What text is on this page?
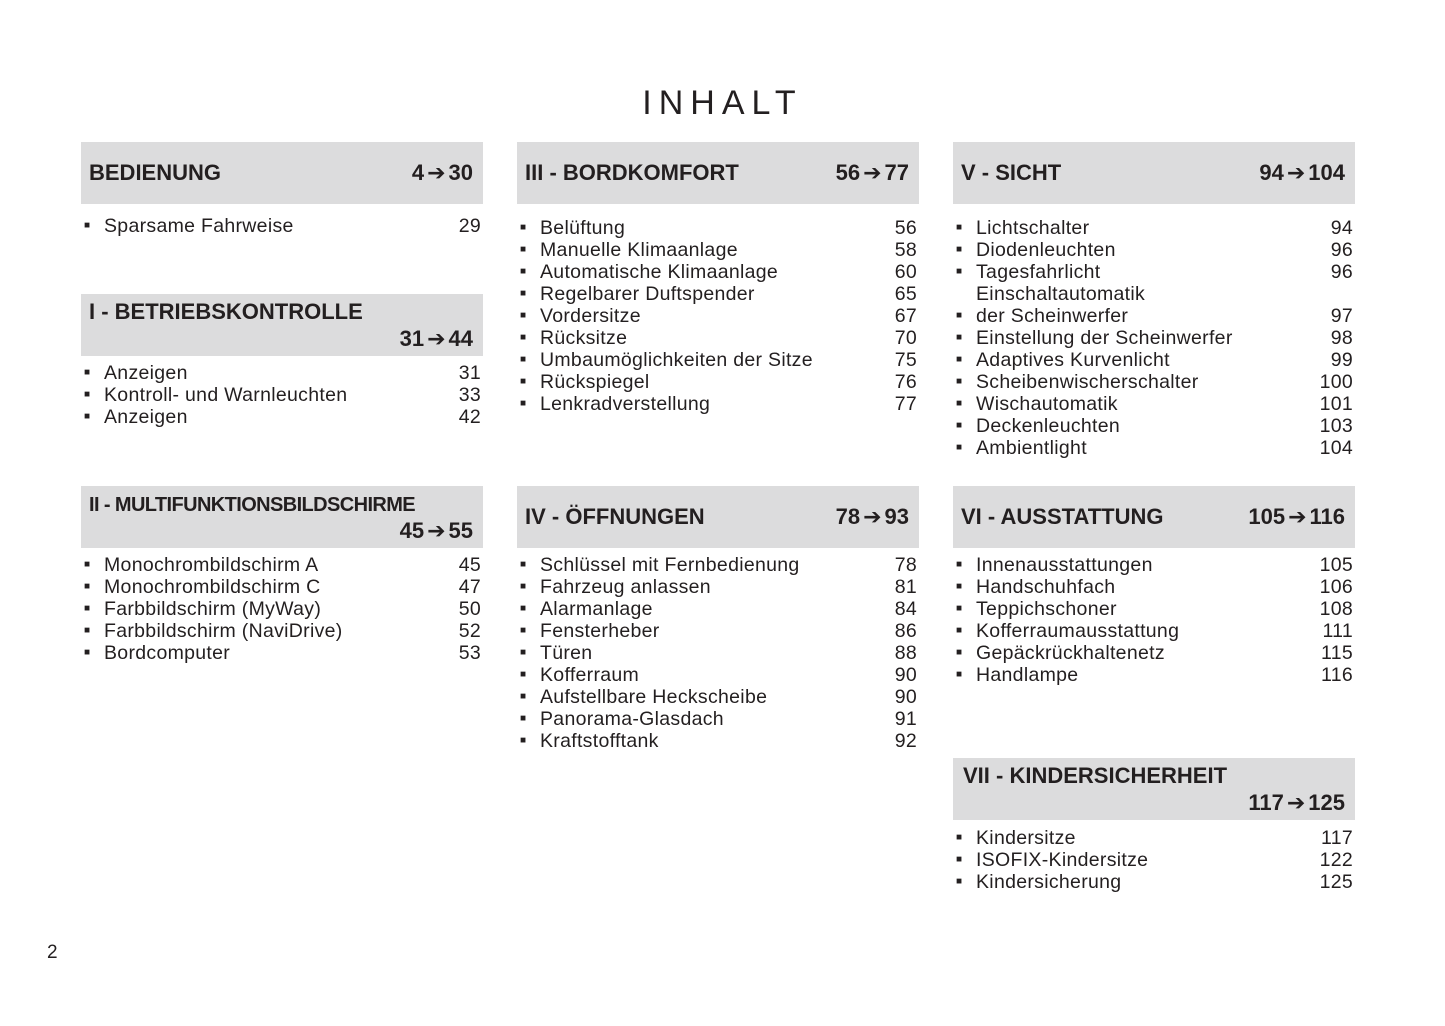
INHALT
BEDIENUNG	4 ➔ 30
■ Sparsame Fahrweise	29
I - BETRIEBSKONTROLLE
31 ➔ 44
■ Anzeigen	31
■ Kontroll- und Warnleuchten	33
■ Anzeigen	42
II - MULTIFUNKTIONSBILDSCHIRME
45 ➔ 55
■ Monochrombildschirm A	45
■ Monochrombildschirm C	47
■ Farbbildschirm (MyWay)	50
■ Farbbildschirm (NaviDrive)	52
■ Bordcomputer	53
III - BORDKOMFORT	56 ➔ 77
■ Belüftung	56
■ Manuelle Klimaanlage	58
■ Automatische Klimaanlage	60
■ Regelbarer Duftspender	65
■ Vordersitze	67
■ Rücksitze	70
■ Umbaumöglichkeiten der Sitze	75
■ Rückspiegel	76
■ Lenkradverstellung	77
IV - ÖFFNUNGEN	78 ➔ 93
■ Schlüssel mit Fernbedienung	78
■ Fahrzeug anlassen	81
■ Alarmanlage	84
■ Fensterheber	86
■ Türen	88
■ Kofferraum	90
■ Aufstellbare Heckscheibe	90
■ Panorama-Glasdach	91
■ Kraftstofftank	92
V - SICHT	94 ➔ 104
■ Lichtschalter	94
■ Diodenleuchten	96
■ Tagesfahrlicht	96
■
Einschaltautomatik
der Scheinwerfer	97
■ Einstellung der Scheinwerfer	98
■ Adaptives Kurvenlicht	99
■ Scheibenwischerschalter	100
■ Wischautomatik	101
■ Deckenleuchten	103
■ Ambientlight	104
VI - AUSSTATTUNG	105 ➔ 116
■ Innenausstattungen	105
■ Handschuhfach	106
■ Teppichschoner	108
■ Kofferraumausstattung	111
■ Gepäckrückhaltenetz	115
■ Handlampe	116
VII - KINDERSICHERHEIT
117 ➔ 125
■ Kindersitze	117
■ ISOFIX-Kindersitze	122
■ Kindersicherung	125
2
